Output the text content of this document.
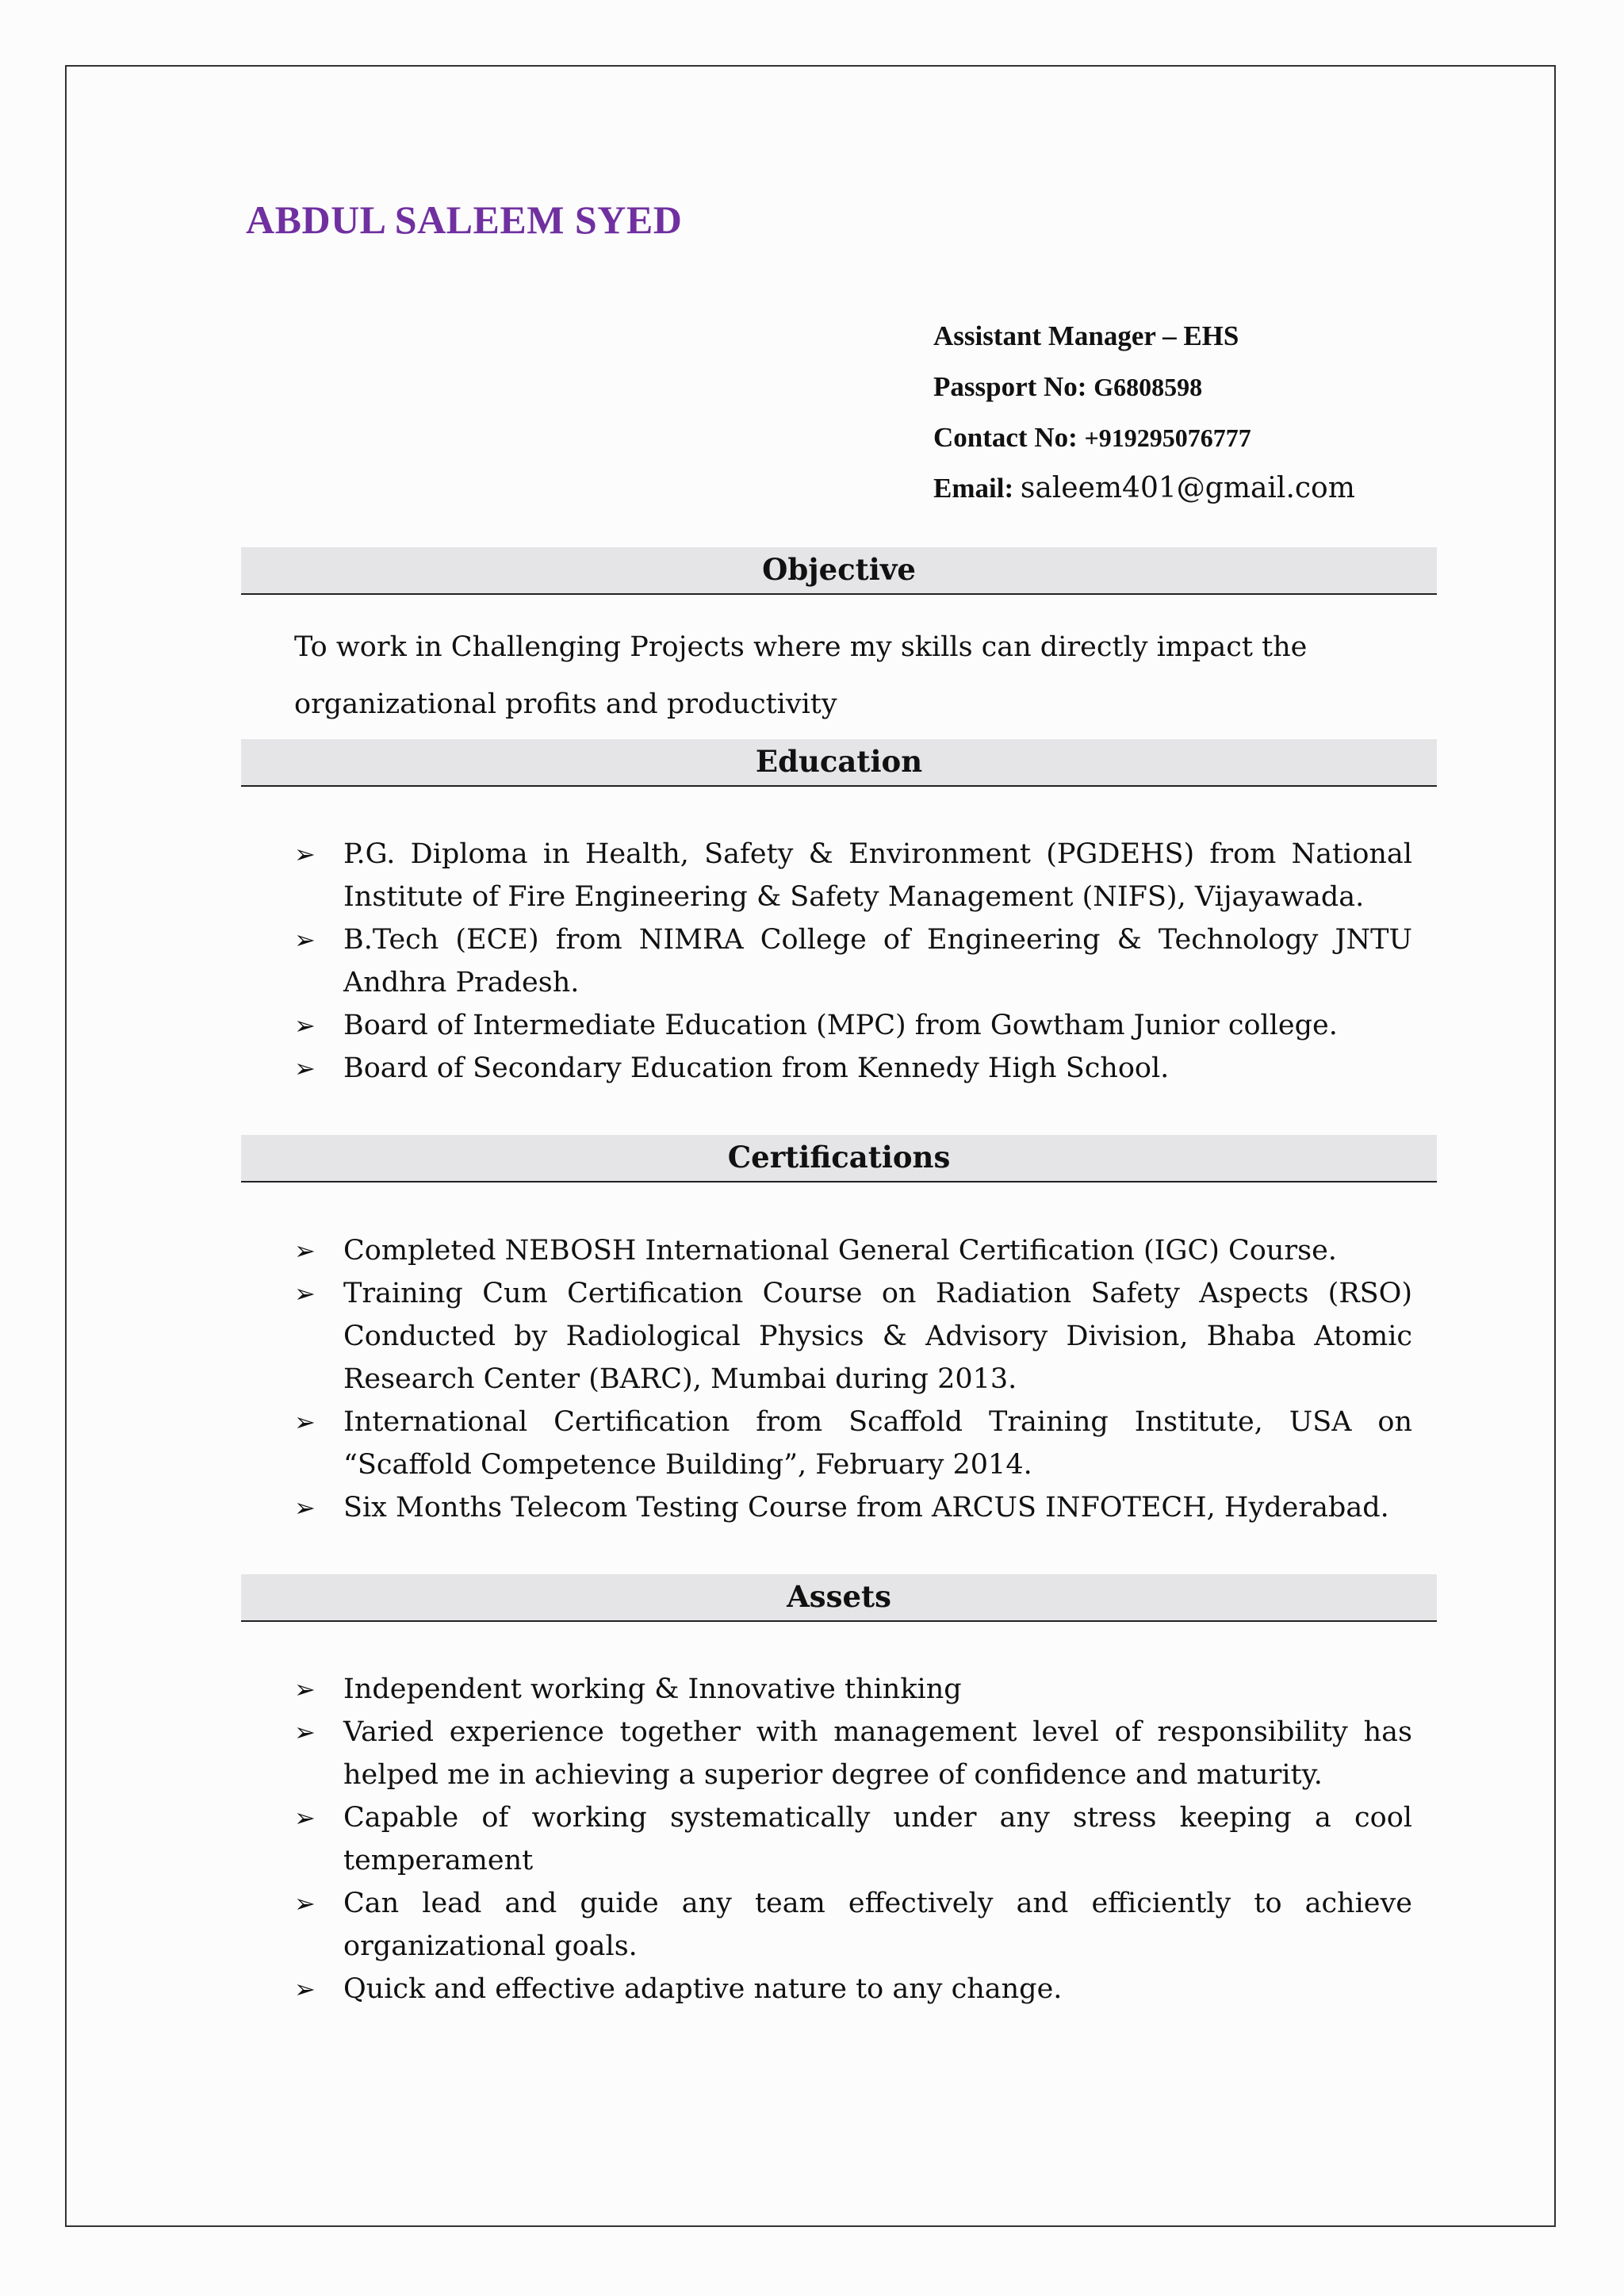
ABDUL SALEEM SYED
Assistant Manager – EHS
Passport No: G6808598
Contact No: +919295076777
Email: saleem401@gmail.com
Objective
To work in Challenging Projects where my skills can directly impact the organizational profits and productivity
Education
➢	P.G. Diploma in Health, Safety & Environment (PGDEHS) from National Institute of Fire Engineering & Safety Management (NIFS), Vijayawada.
➢	B.Tech (ECE) from NIMRA College of Engineering & Technology JNTU Andhra Pradesh.
➢	Board of Intermediate Education (MPC) from Gowtham Junior college.
➢	Board of Secondary Education from Kennedy High School.
Certifications
➢	Completed NEBOSH International General Certification (IGC) Course.
➢	Training Cum Certification Course on Radiation Safety Aspects (RSO) Conducted by Radiological Physics & Advisory Division, Bhaba Atomic Research Center (BARC), Mumbai during 2013.
➢	International Certification from Scaffold Training Institute, USA on “Scaffold Competence Building”, February 2014.
➢	Six Months Telecom Testing Course from ARCUS INFOTECH, Hyderabad.
Assets
➢	Independent working & Innovative thinking
➢	Varied experience together with management level of responsibility has helped me in achieving a superior degree of confidence and maturity.
➢	Capable of working systematically under any stress keeping a cool temperament
➢	Can lead and guide any team effectively and efficiently to achieve organizational goals.
➢	Quick and effective adaptive nature to any change.
